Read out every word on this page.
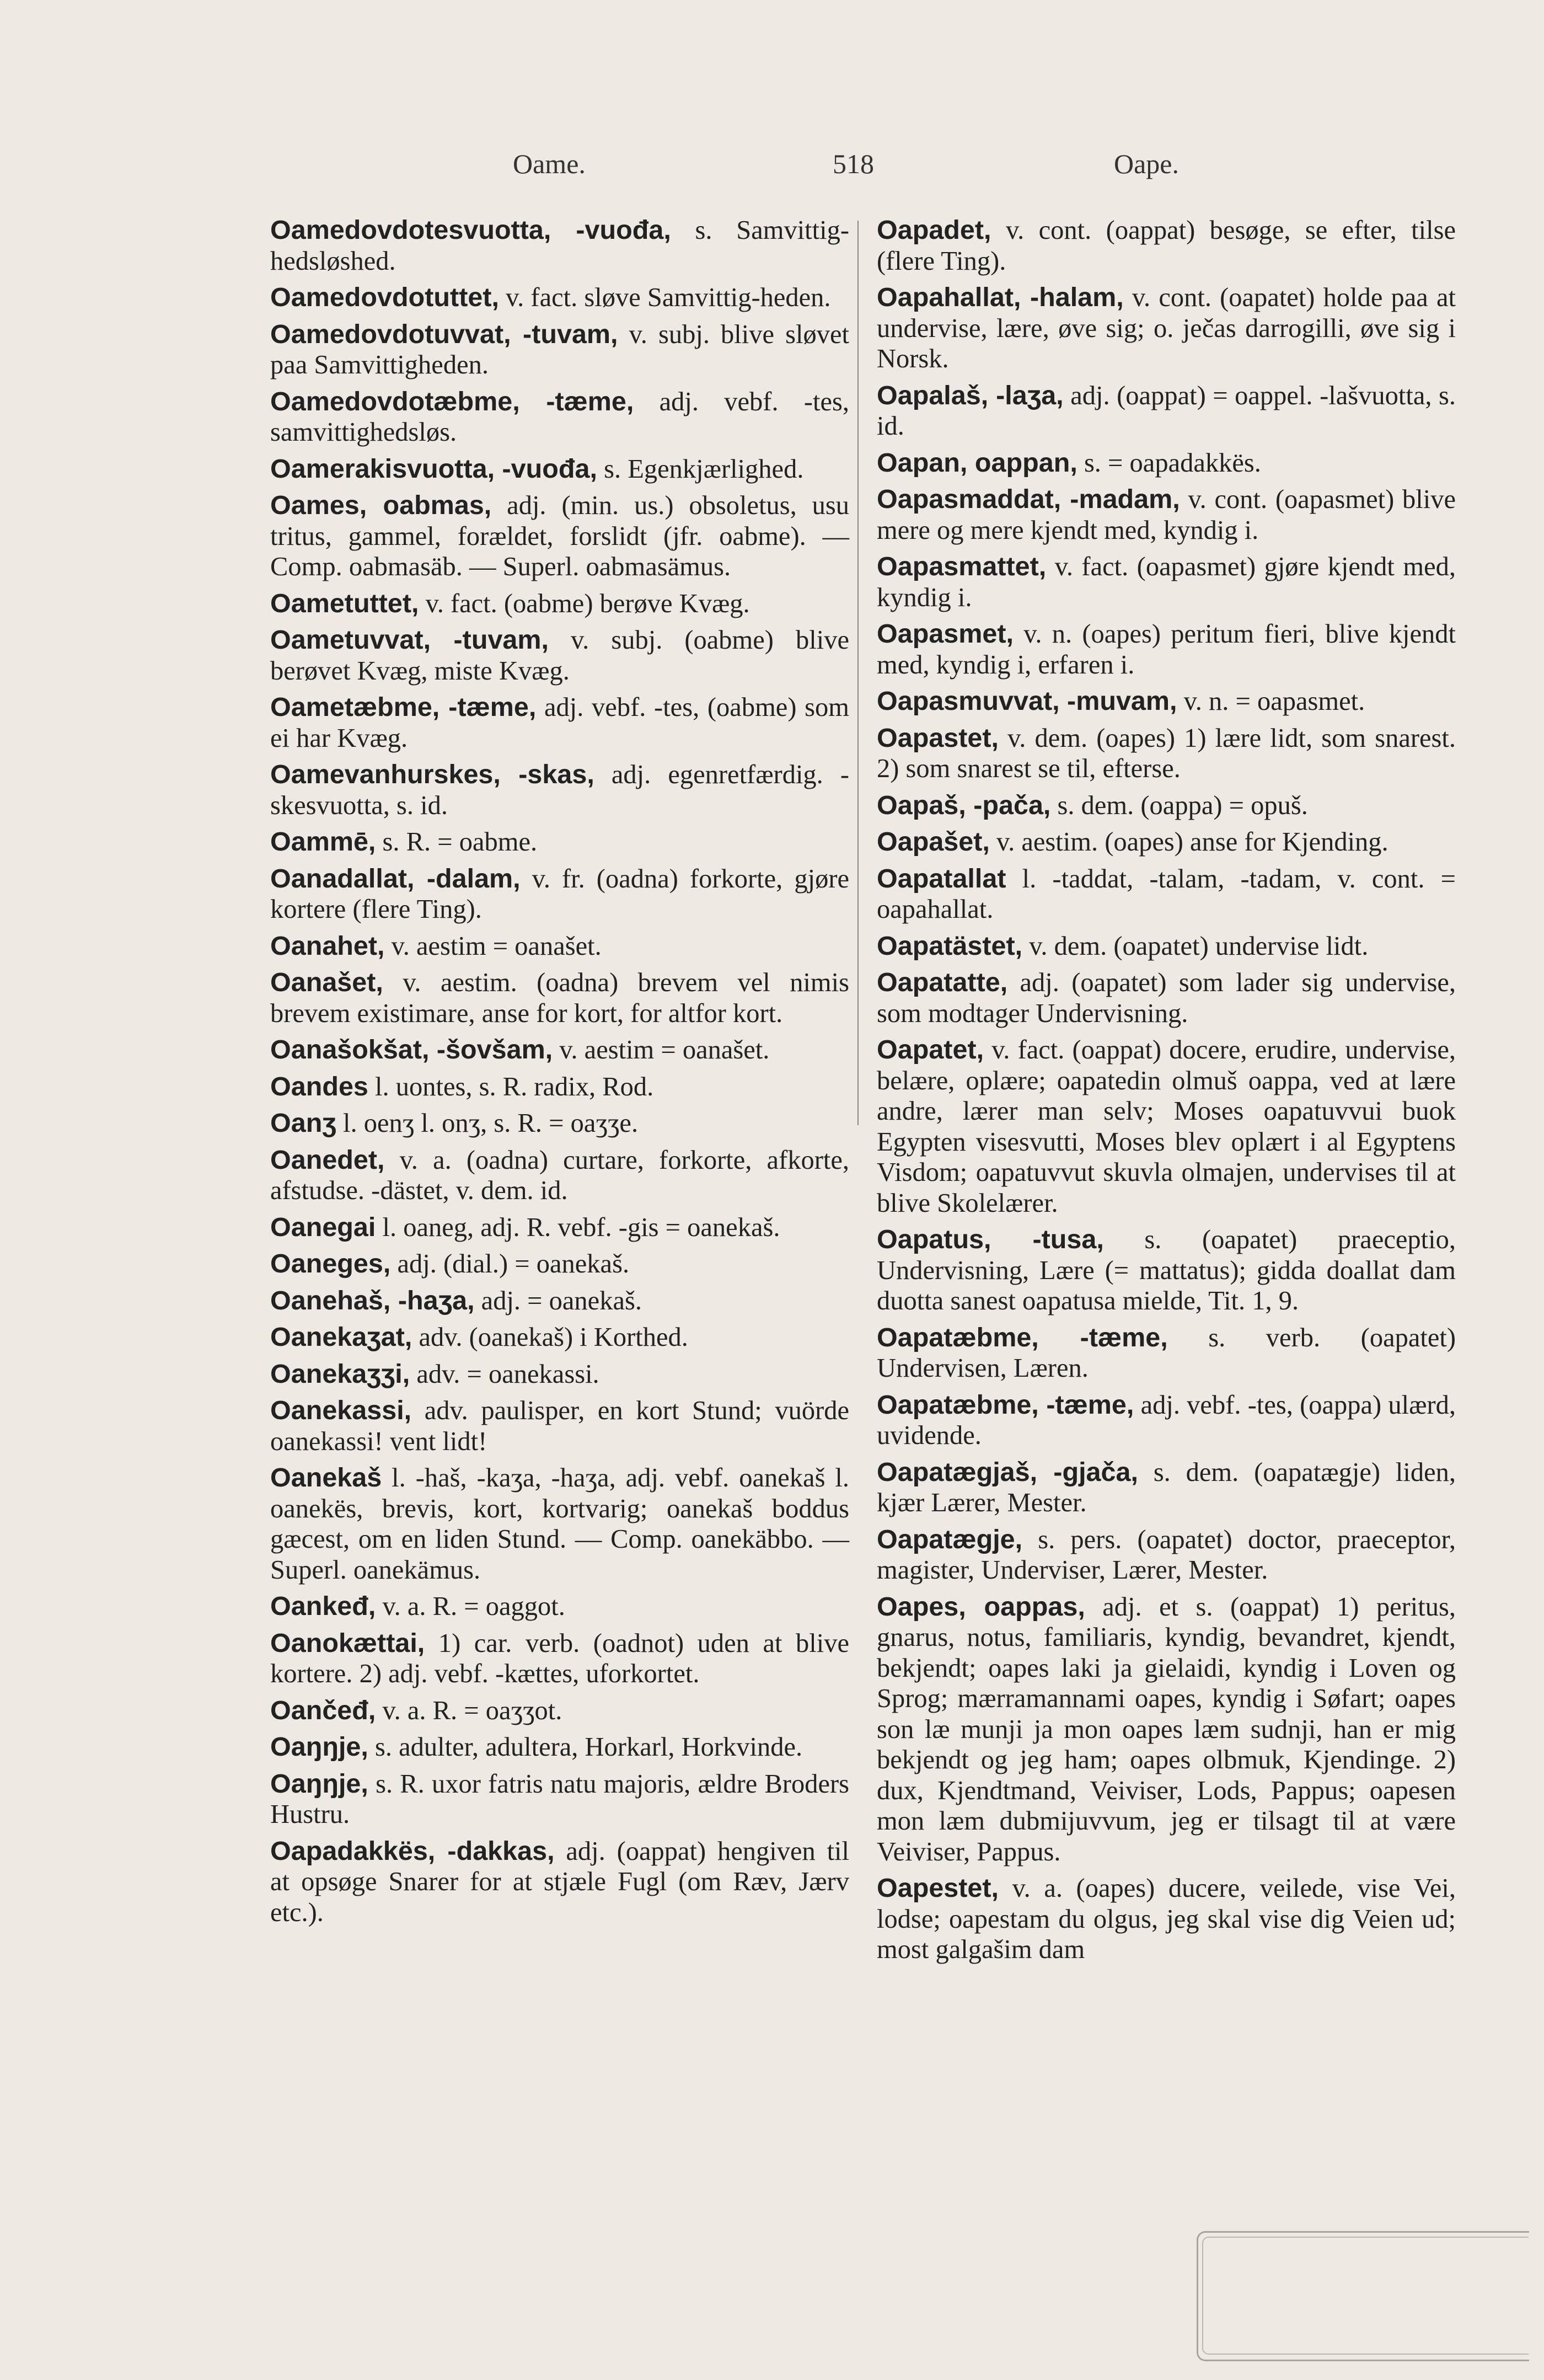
Oame.	518	Oape.

Oamedovdotesvuotta, -vuođa, s. Samvittig-hedsløshed.

Oamedovdotuttet, v. fact. sløve Samvittig-heden.

Oamedovdotuvvat, -tuvam, v. subj. blive sløvet paa Samvittigheden.

Oamedovdotæbme, -tæme, adj. vebf. -tes, samvittighedsløs.

Oamerakisvuotta, -vuođa, s. Egenkjærlighed.

Oames, oabmas, adj. (min. us.) obsoletus, usu tritus, gammel, forældet, forslidt (jfr. oabme). — Comp. oabmasäb. — Superl. oabmasämus.

Oametuttet, v. fact. (oabme) berøve Kvæg.

Oametuvvat, -tuvam, v. subj. (oabme) blive berøvet Kvæg, miste Kvæg.

Oametæbme, -tæme, adj. vebf. -tes, (oabme) som ei har Kvæg.

Oamevanhurskes, -skas, adj. egenretfærdig. -skesvuotta, s. id.

Oammē, s. R. = oabme.

Oanadallat, -dalam, v. fr. (oadna) forkorte, gjøre kortere (flere Ting).

Oanahet, v. aestim = oanašet.

Oanašet, v. aestim. (oadna) brevem vel nimis brevem existimare, anse for kort, for altfor kort.

Oanašokšat, -šovšam, v. aestim = oanašet.

Oandes l. uontes, s. R. radix, Rod.

Oanʒ l. oenʒ l. onʒ, s. R. = oaʒʒe.

Oanedet, v. a. (oadna) curtare, forkorte, afkorte, afstudse. -dästet, v. dem. id.

Oanegai l. oaneg, adj. R. vebf. -gis = oanekaš.

Oaneges, adj. (dial.) = oanekaš.

Oanehaš, -haʒa, adj. = oanekaš.

Oanekaʒat, adv. (oanekaš) i Korthed.

Oanekaʒʒi, adv. = oanekassi.

Oanekassi, adv. paulisper, en kort Stund; vuörde oanekassi! vent lidt!

Oanekaš l. -haš, -kaʒa, -haʒa, adj. vebf. oanekaš l. oanekës, brevis, kort, kortvarig; oanekaš boddus gæcest, om en liden Stund. — Comp. oanekäbbo. — Superl. oanekämus.

Oankeđ, v. a. R. = oaggot.

Oanokættai, 1) car. verb. (oadnot) uden at blive kortere. 2) adj. vebf. -kættes, uforkortet.

Oančeđ, v. a. R. = oaʒʒot.

Oaŋŋje, s. adulter, adultera, Horkarl, Horkvinde.

Oaŋŋje, s. R. uxor fatris natu majoris, ældre Broders Hustru.

Oapadakkës, -dakkas, adj. (oappat) hengiven til at opsøge Snarer for at stjæle Fugl (om Ræv, Jærv etc.).

Oapadet, v. cont. (oappat) besøge, se efter, tilse (flere Ting).

Oapahallat, -halam, v. cont. (oapatet) holde paa at undervise, lære, øve sig; o. ječas darrogilli, øve sig i Norsk.

Oapalaš, -laʒa, adj. (oappat) = oappel. -lašvuotta, s. id.

Oapan, oappan, s. = oapadakkës.

Oapasmaddat, -madam, v. cont. (oapasmet) blive mere og mere kjendt med, kyndig i.

Oapasmattet, v. fact. (oapasmet) gjøre kjendt med, kyndig i.

Oapasmet, v. n. (oapes) peritum fieri, blive kjendt med, kyndig i, erfaren i.

Oapasmuvvat, -muvam, v. n. = oapasmet.

Oapastet, v. dem. (oapes) 1) lære lidt, som snarest. 2) som snarest se til, efterse.

Oapaš, -pača, s. dem. (oappa) = opuš.

Oapašet, v. aestim. (oapes) anse for Kjending.

Oapatallat l. -taddat, -talam, -tadam, v. cont. = oapahallat.

Oapatästet, v. dem. (oapatet) undervise lidt.

Oapatatte, adj. (oapatet) som lader sig undervise, som modtager Undervisning.

Oapatet, v. fact. (oappat) docere, erudire, undervise, belære, oplære; oapatedin olmuš oappa, ved at lære andre, lærer man selv; Moses oapatuvvui buok Egypten visesvutti, Moses blev oplært i al Egyptens Visdom; oapatuvvut skuvla olmajen, undervises til at blive Skolelærer.

Oapatus, -tusa, s. (oapatet) praeceptio, Undervisning, Lære (= mattatus); gidda doallat dam duotta sanest oapatusa mielde, Tit. 1, 9.

Oapatæbme, -tæme, s. verb. (oapatet) Undervisen, Læren.

Oapatæbme, -tæme, adj. vebf. -tes, (oappa) ulærd, uvidende.

Oapatægjaš, -gjača, s. dem. (oapatægje) liden, kjær Lærer, Mester.

Oapatægje, s. pers. (oapatet) doctor, praeceptor, magister, Underviser, Lærer, Mester.

Oapes, oappas, adj. et s. (oappat) 1) peritus, gnarus, notus, familiaris, kyndig, bevandret, kjendt, bekjendt; oapes laki ja gielaidi, kyndig i Loven og Sprog; mærramannami oapes, kyndig i Søfart; oapes son læ munji ja mon oapes læm sudnji, han er mig bekjendt og jeg ham; oapes olbmuk, Kjendinge. 2) dux, Kjendtmand, Veiviser, Lods, Pappus; oapesen mon læm dubmijuvvum, jeg er tilsagt til at være Veiviser, Pappus.

Oapestet, v. a. (oapes) ducere, veilede, vise Vei, lodse; oapestam du olgus, jeg skal vise dig Veien ud; most galgašim dam
